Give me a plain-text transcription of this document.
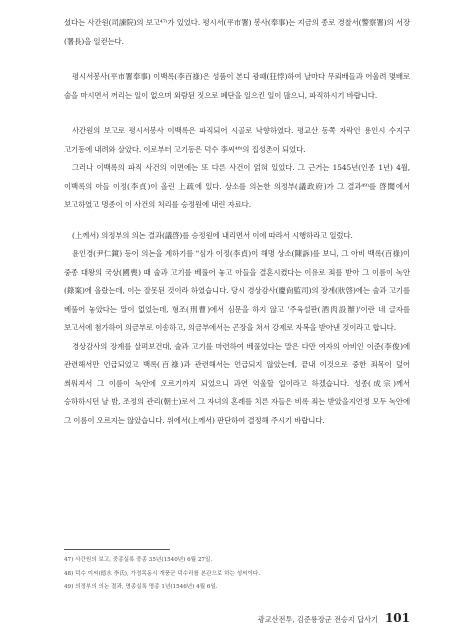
셨다는 사간원(司諫院)의 보고⁴⁷⁾가 있었다. 평시서(平市署) 봉사(奉事)는 지금의 종로 경찰서(警察署)의 서장(署長)을 일컫는다.

평시서봉사(平市署奉事) 이백록(李百祿)은 성품이 본디 광패(狂悖)하여 날마다 무뢰배들과 어울려 몇배로 술을 마시면서 꺼리는 일이 없으며 외람된 짓으로 폐단을 일으킨 일이 많으니, 파직하시기 바랍니다.

사간원의 보고로 평시서봉사 이백록은 파직되어 시골로 낙향하였다. 평교산 동쪽 자락인 용인시 수지구 고기동에 내려와 살았다. 이로부터 고기동은 덕수 李씨⁴⁸⁾의 집성촌이 되었다.

그러나 이백록의 파직 사건의 이면에는 또 다른 사건이 얽혀 있었다. 그 근거는 1545년(인종 1년) 4월, 이백록의 아들 이정(李貞)이 올린 上疏에 있다. 상소를 의논한 의정부(議政府)가 그 결과⁴⁹⁾를 啓聞에서 보고하였고 명종이 이 사건의 처리를 승정원에 내린 자료다.

(上께서) 의정부의 의논 결과(議啓)를 승정원에 내리면서 이에 따라서 시행하라고 일렀다.

윤인경(尹仁鏡) 등이 의논을 계하기를 "심가 이정(李貞)이 해명 상소(陳訴)를 보니, 그 아비 백록(百祿)이 중종 대왕의 국상(國喪) 때 술과 고기를 베풀어 놓고 아들을 결혼시켰다는 이유로 죄를 받아 그 이름이 녹안(錄案)에 올랐는데, 이는 잘못된 것이라 하였습니다. 당시 경상감사(慶尙監司)의 장계(狀啓)에는 술과 고기를 베풀어 놓았다는 말이 없었는데, 형조(刑曹)에서 심문을 하지 않고 '주육설판(酒肉設辦)'이란 네 글자를 보고서에 첨가하여 의금부로 이송하고, 의금부에서는 곤장을 쳐서 강제로 자복을 받아낸 것이라고 합니다.

경상감사의 장계를 살펴보건대, 술과 고기를 마련하여 베풀었다는 말은 다만 여자의 아비인 이준(李俊)에 관련해서만 언급되었고 백록(百祿)과 관련해서는 언급되지 않았는데, 끝내 이것으로 중한 죄목이 덮어 씌워져서 그 이름이 녹안에 오르기까지 되었으니 과연 억울할 일이라고 하겠습니다. 성종(成宗)께서 승하하시던 날 밤, 조정의 관리(朝士)로서 그 자녀의 혼례를 치른 자들은 비록 죄는 받았을지언정 모두 녹안에 그 이름이 오르지는 않았습니다. 위에서(上께서) 판단하여 결정해 주시기 바랍니다.

47) 사간원의 보고, 중종실록 중종 35년(1540년) 6월 27일.

48) 덕수 이씨(德水 李氏), 가정목동시 개풍군 덕수리를 본관으로 하는 성씨이다.

49) 의정부의 의논 결과, 명종실록 명종 1년(1546년) 4월 6일.

광교산전투, 김준룡장군 전승지 답사기 101
